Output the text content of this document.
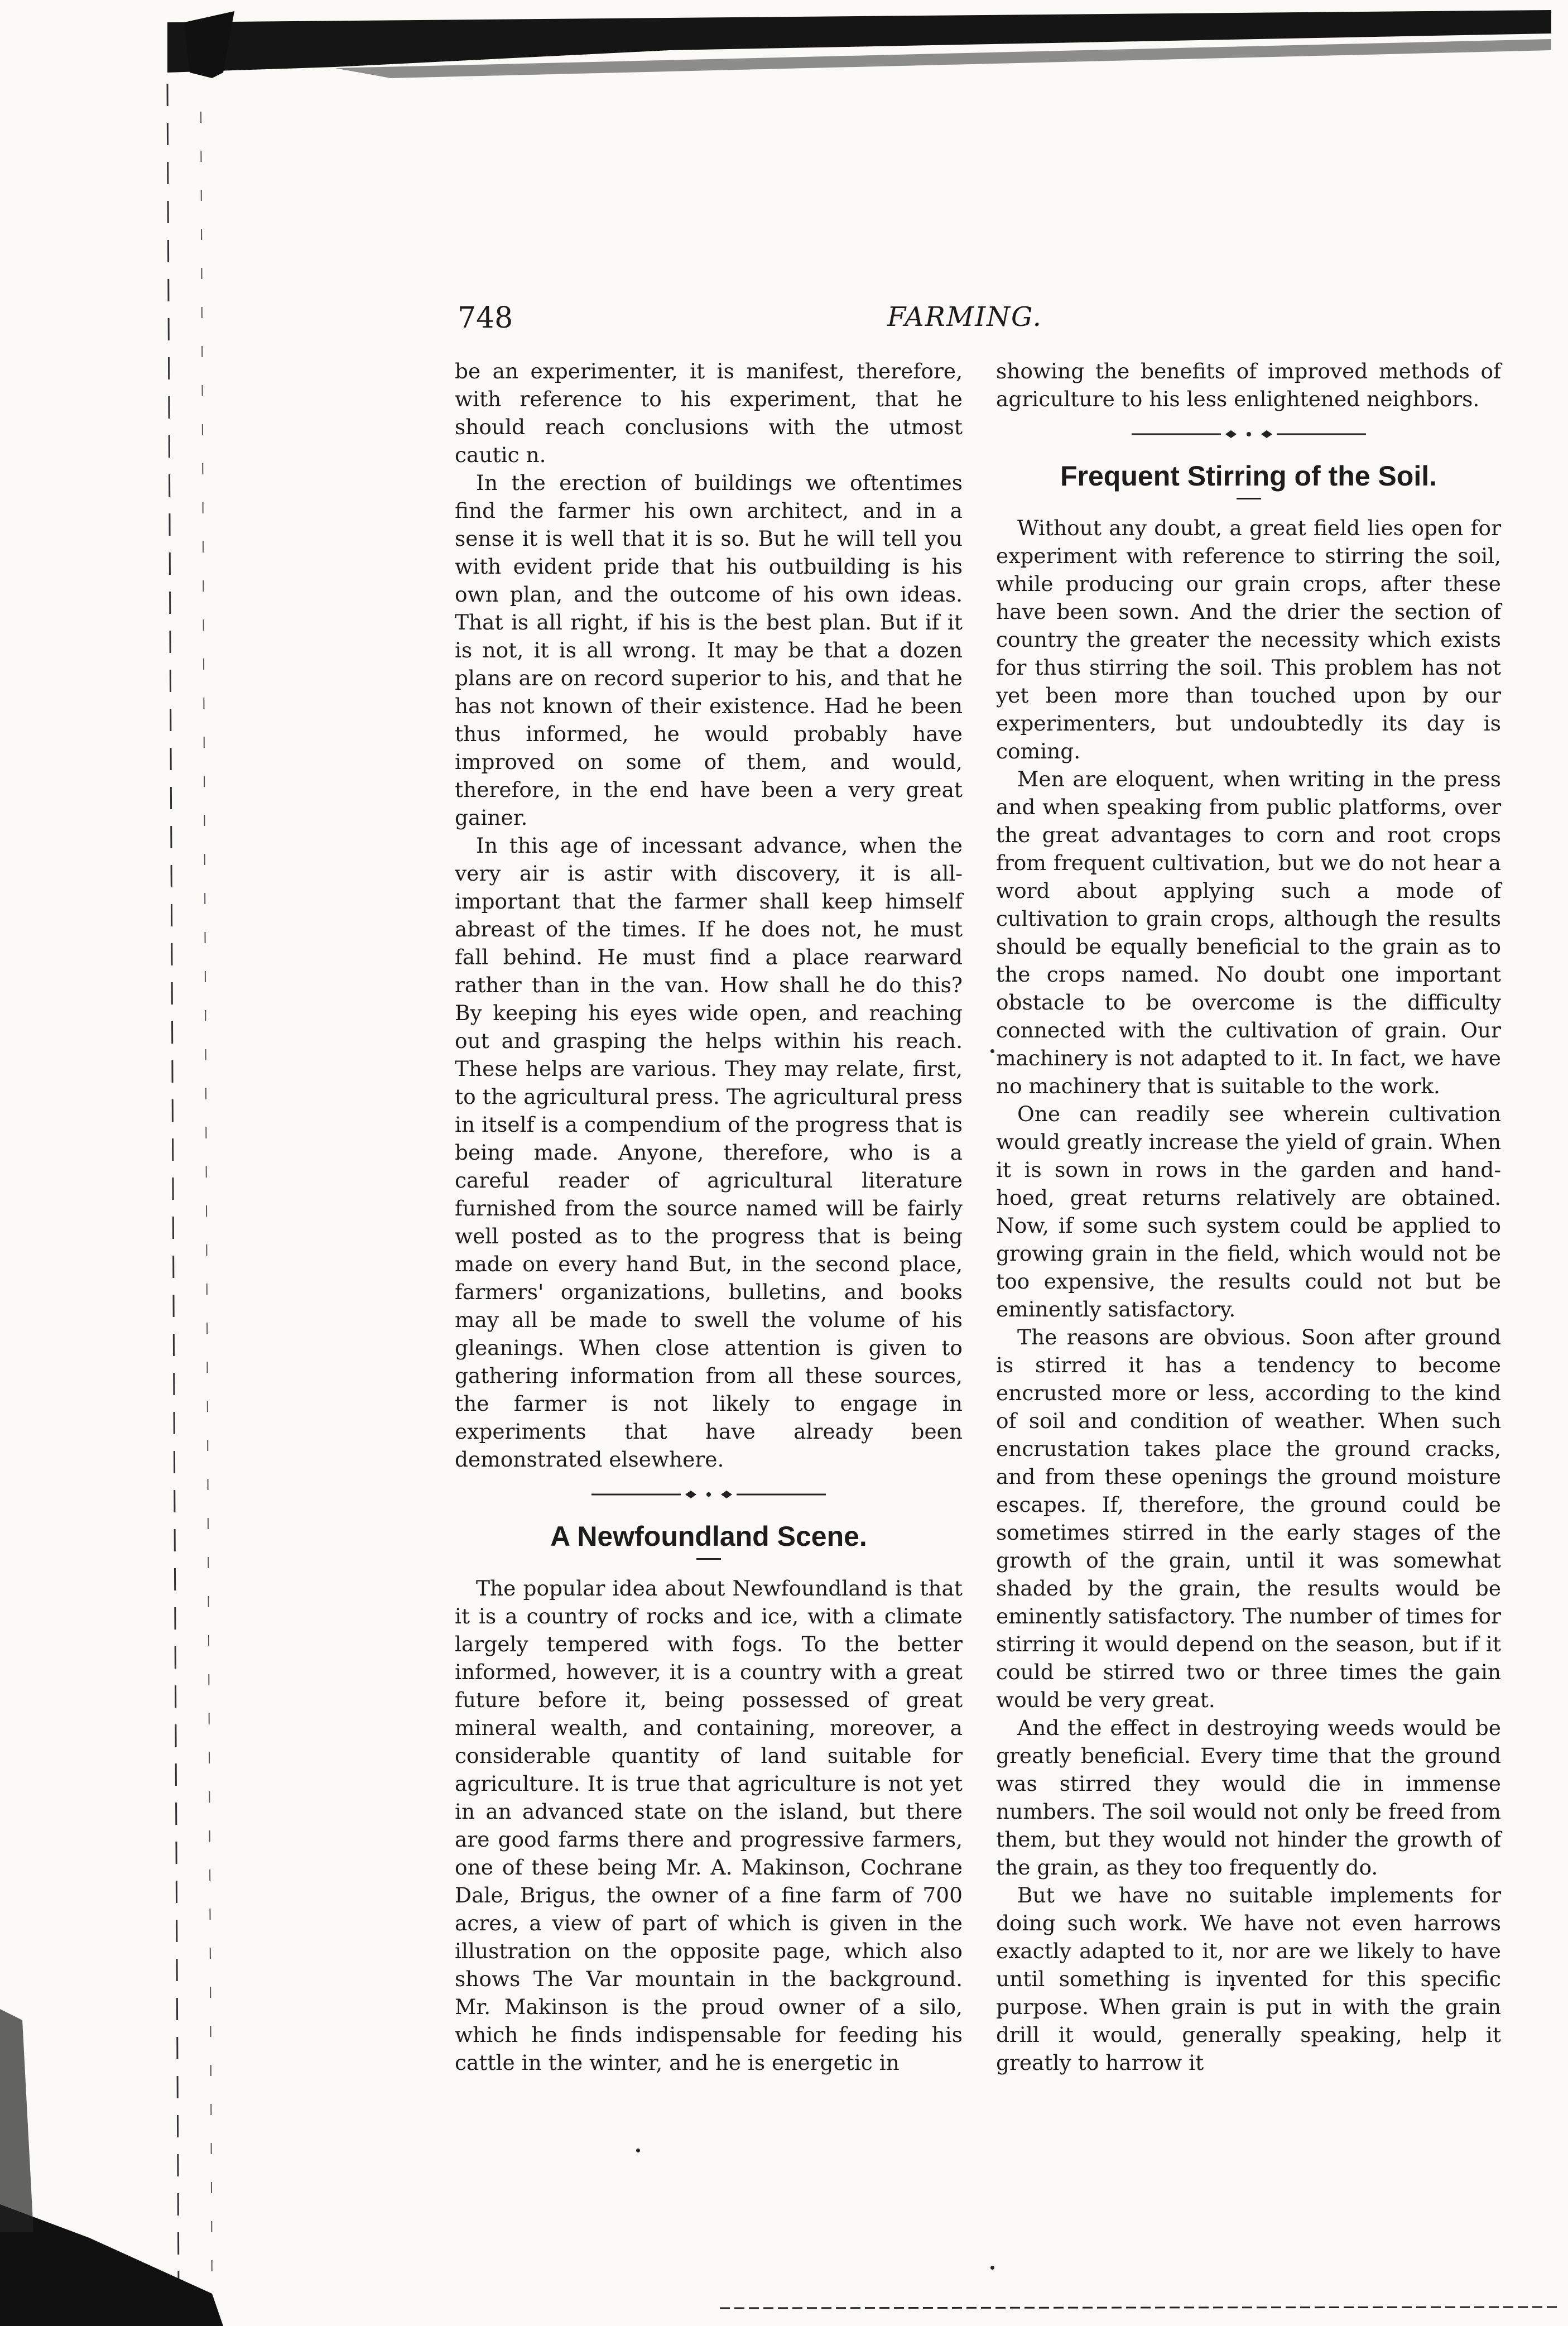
748	FARMING.

be an experimenter, it is manifest, therefore, with reference to his experiment, that he should reach conclusions with the utmost cautic n.

In the erection of buildings we oftentimes find the farmer his own architect, and in a sense it is well that it is so. But he will tell you with evident pride that his outbuilding is his own plan, and the outcome of his own ideas. That is all right, if his is the best plan. But if it is not, it is all wrong. It may be that a dozen plans are on record superior to his, and that he has not known of their existence. Had he been thus informed, he would probably have improved on some of them, and would, therefore, in the end have been a very great gainer.

In this age of incessant advance, when the very air is astir with discovery, it is all-important that the farmer shall keep himself abreast of the times. If he does not, he must fall behind. He must find a place rearward rather than in the van. How shall he do this? By keeping his eyes wide open, and reaching out and grasping the helps within his reach. These helps are various. They may relate, first, to the agricultural press. The agricultural press in itself is a compendium of the progress that is being made. Anyone, therefore, who is a careful reader of agricultural literature furnished from the source named will be fairly well posted as to the progress that is being made on every hand But, in the second place, farmers' organizations, bulletins, and books may all be made to swell the volume of his gleanings. When close attention is given to gathering information from all these sources, the farmer is not likely to engage in experiments that have already been demonstrated elsewhere.

A Newfoundland Scene.

The popular idea about Newfoundland is that it is a country of rocks and ice, with a climate largely tempered with fogs. To the better informed, however, it is a country with a great future before it, being possessed of great mineral wealth, and containing, moreover, a considerable quantity of land suitable for agriculture. It is true that agriculture is not yet in an advanced state on the island, but there are good farms there and progressive farmers, one of these being Mr. A. Makinson, Cochrane Dale, Brigus, the owner of a fine farm of 700 acres, a view of part of which is given in the illustration on the opposite page, which also shows The Var mountain in the background. Mr. Makinson is the proud owner of a silo, which he finds indispensable for feeding his cattle in the winter, and he is energetic in

showing the benefits of improved methods of agriculture to his less enlightened neighbors.

Frequent Stirring of the Soil.

Without any doubt, a great field lies open for experiment with reference to stirring the soil, while producing our grain crops, after these have been sown. And the drier the section of country the greater the necessity which exists for thus stirring the soil. This problem has not yet been more than touched upon by our experimenters, but undoubtedly its day is coming.

Men are eloquent, when writing in the press and when speaking from public platforms, over the great advantages to corn and root crops from frequent cultivation, but we do not hear a word about applying such a mode of cultivation to grain crops, although the results should be equally beneficial to the grain as to the crops named. No doubt one important obstacle to be overcome is the difficulty connected with the cultivation of grain. Our machinery is not adapted to it. In fact, we have no machinery that is suitable to the work.

One can readily see wherein cultivation would greatly increase the yield of grain. When it is sown in rows in the garden and hand-hoed, great returns relatively are obtained. Now, if some such system could be applied to growing grain in the field, which would not be too expensive, the results could not but be eminently satisfactory.

The reasons are obvious. Soon after ground is stirred it has a tendency to become encrusted more or less, according to the kind of soil and condition of weather. When such encrustation takes place the ground cracks, and from these openings the ground moisture escapes. If, therefore, the ground could be sometimes stirred in the early stages of the growth of the grain, until it was somewhat shaded by the grain, the results would be eminently satisfactory. The number of times for stirring it would depend on the season, but if it could be stirred two or three times the gain would be very great.

And the effect in destroying weeds would be greatly beneficial. Every time that the ground was stirred they would die in immense numbers. The soil would not only be freed from them, but they would not hinder the growth of the grain, as they too frequently do.

But we have no suitable implements for doing such work. We have not even harrows exactly adapted to it, nor are we likely to have until something is invented for this specific purpose. When grain is put in with the grain drill it would, generally speaking, help it greatly to harrow it
